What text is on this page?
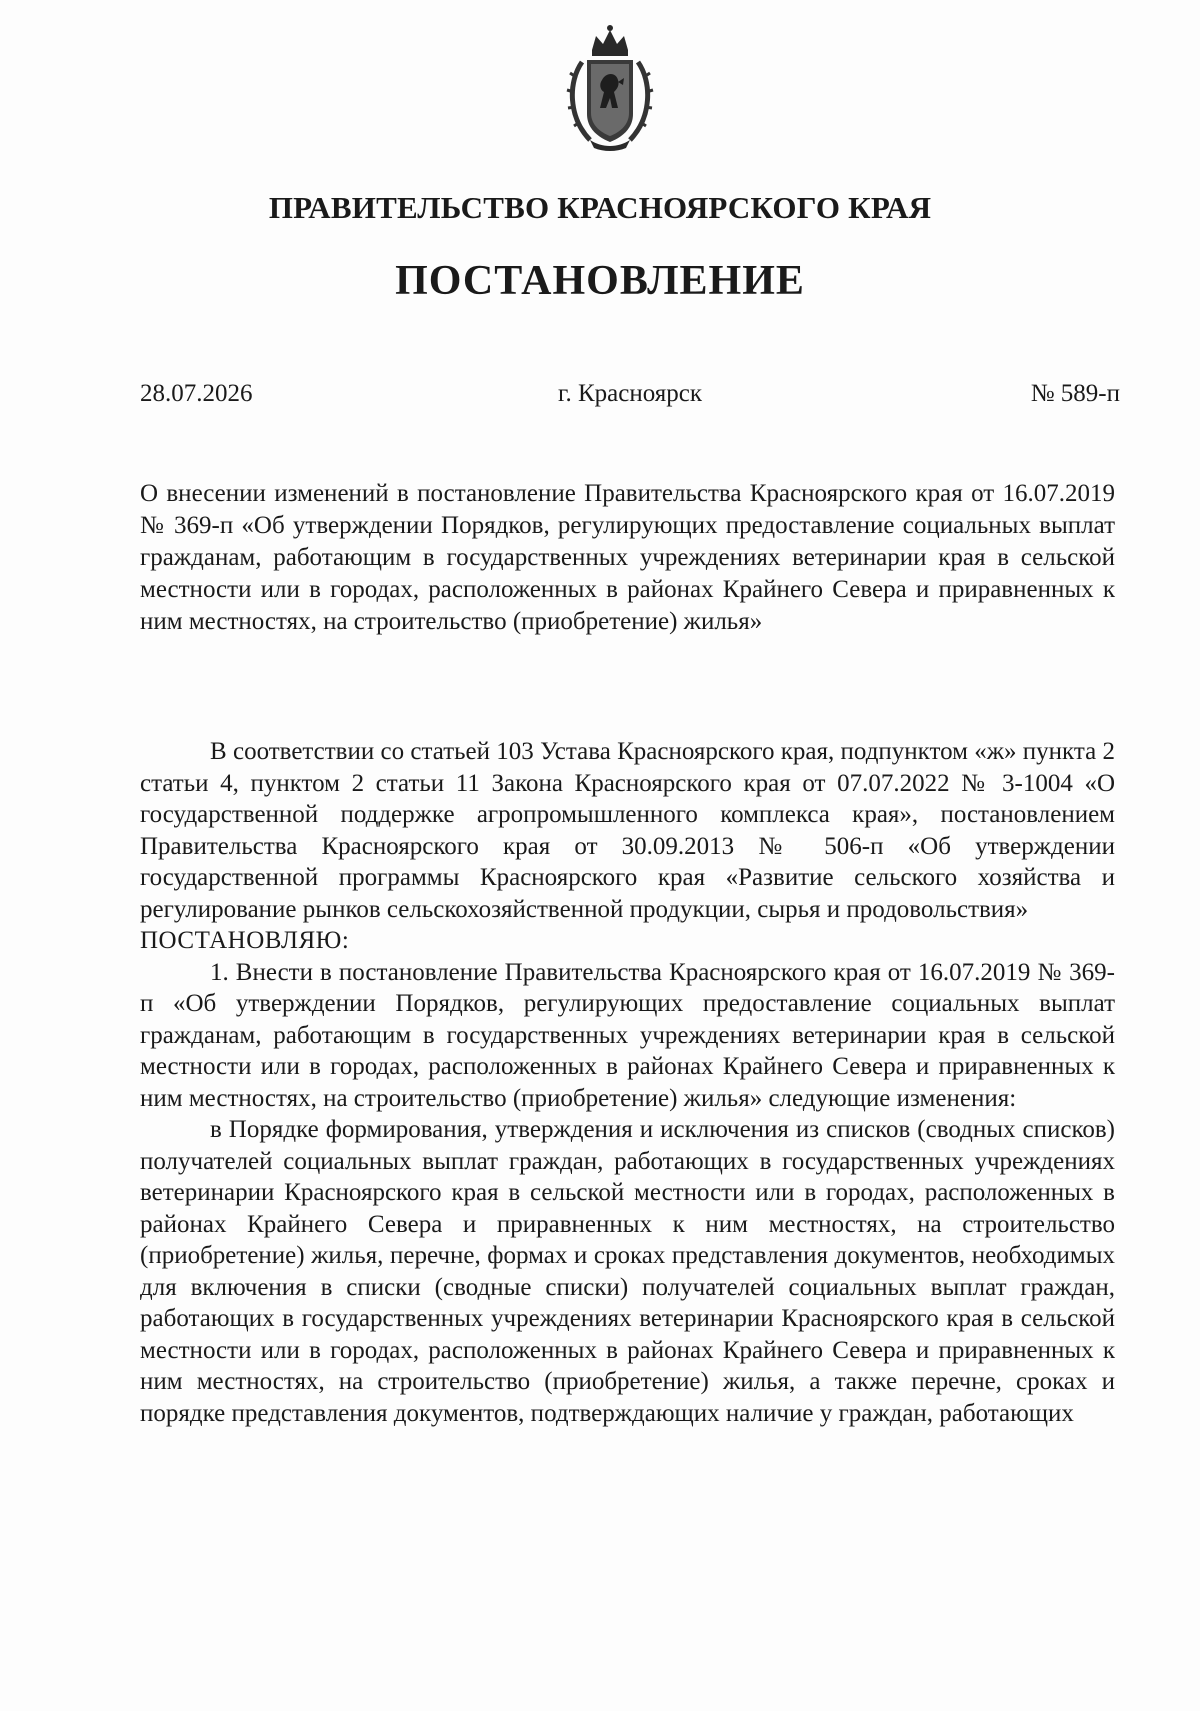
ПРАВИТЕЛЬСТВО КРАСНОЯРСКОГО КРАЯ
ПОСТАНОВЛЕНИЕ
28.07.2026	г. Красноярск	№ 589-п
О внесении изменений в постановление Правительства Красноярского края от 16.07.2019 № 369-п «Об утверждении Порядков, регулирующих предоставление социальных выплат гражданам, работающим в государственных учреждениях ветеринарии края в сельской местности или в городах, расположенных в районах Крайнего Севера и приравненных к ним местностях, на строительство (приобретение) жилья»

В соответствии со статьей 103 Устава Красноярского края, подпунктом «ж» пункта 2 статьи 4, пунктом 2 статьи 11 Закона Красноярского края от 07.07.2022 № 3-1004 «О государственной поддержке агропромышленного комплекса края», постановлением Правительства Красноярского края от 30.09.2013 № 506-п «Об утверждении государственной программы Красноярского края «Развитие сельского хозяйства и регулирование рынков сельскохозяйственной продукции, сырья и продовольствия»

ПОСТАНОВЛЯЮ:

1. Внести в постановление Правительства Красноярского края от 16.07.2019 № 369-п «Об утверждении Порядков, регулирующих предоставление социальных выплат гражданам, работающим в государственных учреждениях ветеринарии края в сельской местности или в городах, расположенных в районах Крайнего Севера и приравненных к ним местностях, на строительство (приобретение) жилья» следующие изменения:

в Порядке формирования, утверждения и исключения из списков (сводных списков) получателей социальных выплат граждан, работающих в государственных учреждениях ветеринарии Красноярского края в сельской местности или в городах, расположенных в районах Крайнего Севера и приравненных к ним местностях, на строительство (приобретение) жилья, перечне, формах и сроках представления документов, необходимых для включения в списки (сводные списки) получателей социальных выплат граждан, работающих в государственных учреждениях ветеринарии Красноярского края в сельской местности или в городах, расположенных в районах Крайнего Севера и приравненных к ним местностях, на строительство (приобретение) жилья, а также перечне, сроках и порядке представления документов, подтверждающих наличие у граждан, работающих
